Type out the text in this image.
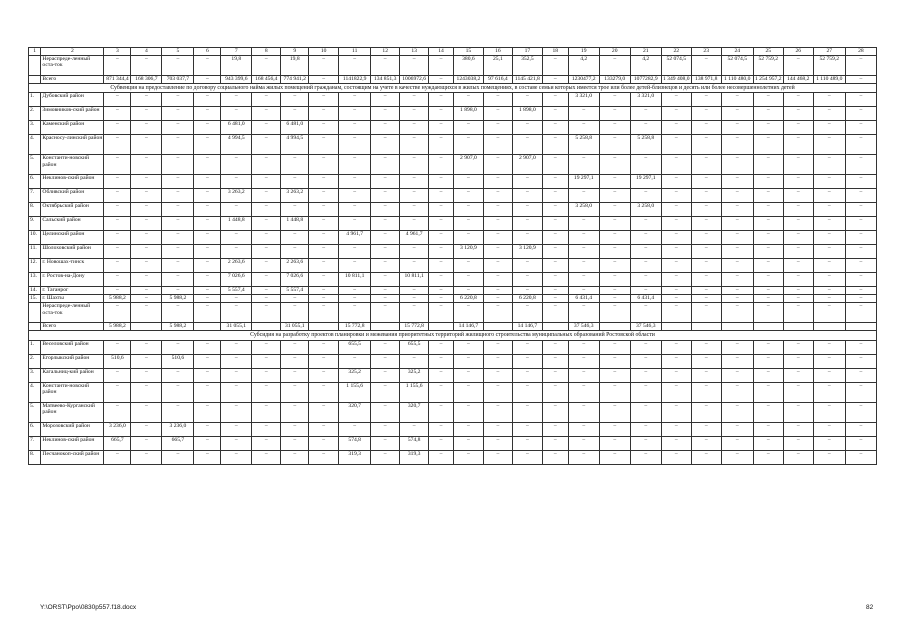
1	2	3	4	5	6	7	8	9	10	11	12	13	14	15	16	17	18	19	20	21	22	23	24	25	26	27	28
	Нераспреде-ленный оста-ток	–	–	–	–	19,8	–	19,8	–	–	–	–	–	380,6	25,1	352,5	–	4,2	–	4,2	52 074,5	–	52 074,5	52 759,2	–	52 759,2	–
	Всего	871 344,4	168 306,7	703 037,7	–	943 399,6	168 456,4	774 941,2	–	1141822,9	134 851,3	1006972,6	–	1243038,2	97 616,4	1145 421,8	–	1230477,2	133279,0	1077282,9	1 349 408,0	138 971,8	1 110 480,0	1 254 957,2	144 468,2	1 110 489,0	–
Субвенция на предоставление по договору социального найма жилых помещений гражданам, состоящим на учете в качестве нуждающихся в жилых помещениях, в составе семьи которых имеется трое или более детей-близнецов и десять или более несовершеннолетних детей																											
1.	Дубовский район	–	–	–	–	–	–	–	–	–	–	–	–	–	–	–	–	3 321,0	–	3 321,0	–	–	–	–	–	–	–
2.	Зимовников-ский район	–	–	–	–	–	–	–	–	–	–	–	–	1 898,0	–	1 898,0	–	–	–	–	–	–	–	–	–	–	–
3.	Каменский район	–	–	–	–	6 481,0	–	6 481,0	–	–	–	–	–	–	–	–	–	–	–	–	–	–	–	–	–	–	–
4.	Красносу-линский район	–	–	–	–	4 994,5	–	4 994,5	–	–	–	–	–	–	–	–	–	5 258,8	–	5 258,8	–	–	–	–	–	–	–
5.	Константи-новский район	–	–	–	–	–	–	–	–	–	–	–	–	2 907,0	–	2 907,0	–	–	–	–	–	–	–	–	–	–	–
6.	Неклинов-ский район	–	–	–	–	–	–	–	–	–	–	–	–	–	–	–	–	19 297,1	–	19 297,1	–	–	–	–	–	–	–
7.	Обливский район	–	–	–	–	3 263,2	–	3 263,2	–	–	–	–	–	–	–	–	–	–	–	–	–	–	–	–	–	–	–
8.	Октябрьский район	–	–	–	–	–	–	–	–	–	–	–	–	–	–	–	–	3 258,0	–	3 258,0	–	–	–	–	–	–	–
9.	Сальский район	–	–	–	–	1 448,8	–	1 448,8	–	–	–	–	–	–	–	–	–	–	–	–	–	–	–	–	–	–	–
10.	Целинский район	–	–	–	–	–	–	–	–	4 961,7	–	4 961,7	–	–	–	–	–	–	–	–	–	–	–	–	–	–	–
11.	Шолоховский район	–	–	–	–	–	–	–	–	–	–	–	–	3 120,9	–	3 120,9	–	–	–	–	–	–	–	–	–	–	–
12.	г. Новошах-тинск	–	–	–	–	2 263,6	–	2 263,6	–	–	–	–	–	–	–	–	–	–	–	–	–	–	–	–	–	–	–
13.	г. Ростов-на-Дону	–	–	–	–	7 026,6	–	7 026,6	–	10 811,1	–	10 811,1	–	–	–	–	–	–	–	–	–	–	–	–	–	–	–
14.	г. Таганрог	–	–	–	–	5 557,4	–	5 557,4	–	–	–	–	–	–	–	–	–	–	–	–	–	–	–	–	–	–	–
15.	г. Шахты	5 988,2	–	5 988,2	–	–	–	–	–	–	–	–	–	6 220,8	–	6 220,8	–	6 431,4	–	6 431,4	–	–	–	–	–	–	–
	Нераспреде-ленный оста-ток	–	–	–	–	–	–	–	–	–	–	–	–	–	–	–	–	–	–	–	–	–	–	–	–	–	–
	Всего	5 988,2		5 988,2		31 055,1		31 055,1		15 772,8		15 772,8		14 146,7		14 146,7		37 546,3		37 546,3							
Субсидия на разработку проектов планировки и межевания приоритетных территорий жилищного строительства муниципальных образований Ростовской области																											
1.	Веселовский район	–	–	–	–	–	–	–	–	655,5	–	655,5	–	–	–	–	–	–	–	–	–	–	–	–	–	–	–
2.	Егорлыкский район	510,6	–	510,6	–	–	–	–	–	–	–	–	–	–	–	–	–	–	–	–	–	–	–	–	–	–	–
3.	Кагальниц-кий район	–	–	–	–	–	–	–	–	325,2	–	325,2	–	–	–	–	–	–	–	–	–	–	–	–	–	–	–
4.	Константи-новский район	–	–	–	–	–	–	–	–	1 155,6	–	1 155,6	–	–	–	–	–	–	–	–	–	–	–	–	–	–	–
5.	Матвеево-Курганский район	–	–	–	–	–	–	–	–	320,7	–	320,7	–	–	–	–	–	–	–	–	–	–	–	–	–	–	–
6.	Морозовский район	3 236,0	–	3 236,0	–	–	–	–	–	–	–	–	–	–	–	–	–	–	–	–	–	–	–	–	–	–	–
7.	Неклинов-ский район	665,7	–	665,7	–	–	–	–	–	574,8	–	574,8	–	–	–	–	–	–	–	–	–	–	–	–	–	–	–
8.	Песчанокоп-ский район	–	–	–	–	–	–	–	–	319,3	–	319,3	–	–	–	–	–	–	–	–	–	–	–	–	–	–	–
Y:\ORST\Ppo\0830p557.f18.docx	82
